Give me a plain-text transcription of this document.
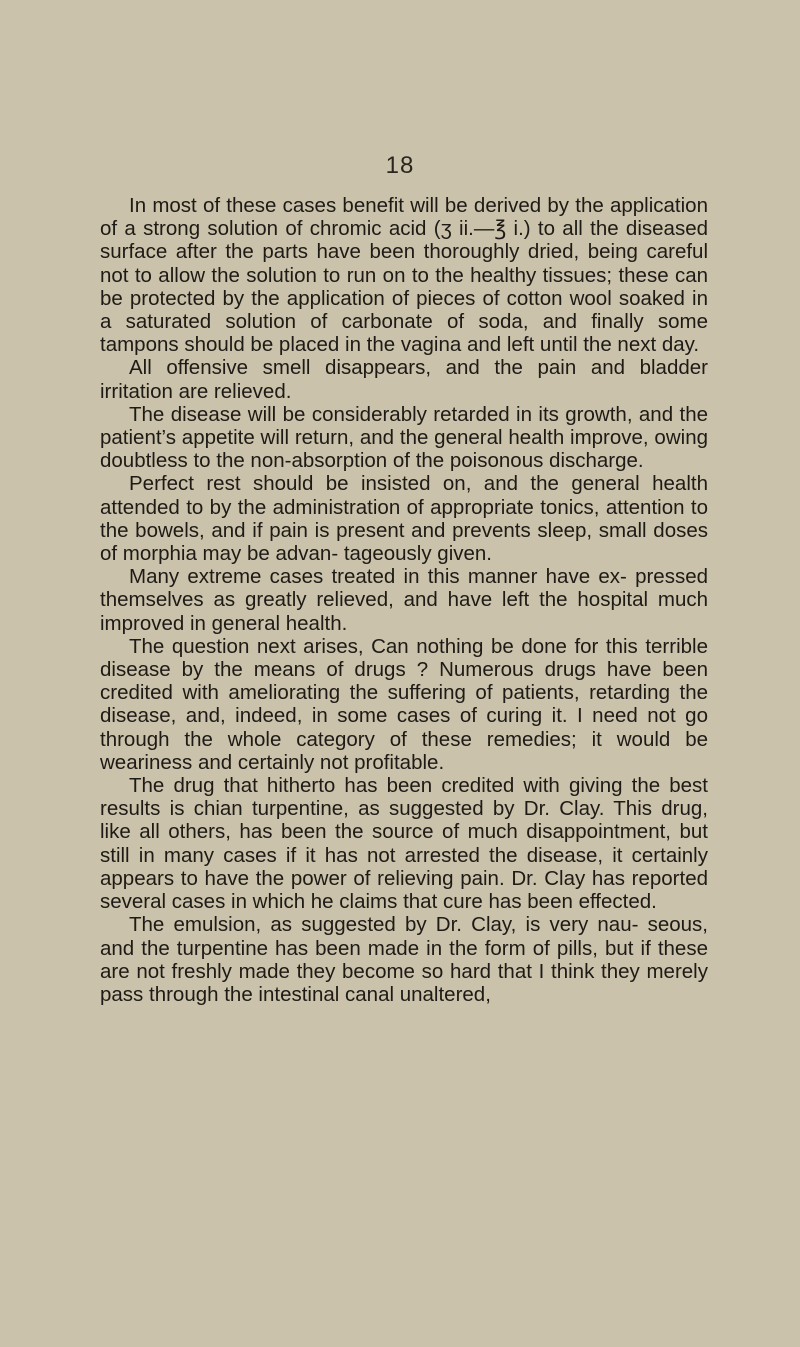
18

In most of these cases benefit will be derived by the application of a strong solution of chromic acid (ʒ ii.—℥ i.) to all the diseased surface after the parts have been thoroughly dried, being careful not to allow the solution to run on to the healthy tissues; these can be protected by the application of pieces of cotton wool soaked in a saturated solution of carbonate of soda, and finally some tampons should be placed in the vagina and left until the next day.

All offensive smell disappears, and the pain and bladder irritation are relieved.

The disease will be considerably retarded in its growth, and the patient’s appetite will return, and the general health improve, owing doubtless to the non-absorption of the poisonous discharge.

Perfect rest should be insisted on, and the general health attended to by the administration of appropriate tonics, attention to the bowels, and if pain is present and prevents sleep, small doses of morphia may be advan- tageously given.

Many extreme cases treated in this manner have ex- pressed themselves as greatly relieved, and have left the hospital much improved in general health.

The question next arises, Can nothing be done for this terrible disease by the means of drugs ? Numerous drugs have been credited with ameliorating the suffering of patients, retarding the disease, and, indeed, in some cases of curing it. I need not go through the whole category of these remedies; it would be weariness and certainly not profitable.

The drug that hitherto has been credited with giving the best results is chian turpentine, as suggested by Dr. Clay. This drug, like all others, has been the source of much disappointment, but still in many cases if it has not arrested the disease, it certainly appears to have the power of relieving pain. Dr. Clay has reported several cases in which he claims that cure has been effected.

The emulsion, as suggested by Dr. Clay, is very nau- seous, and the turpentine has been made in the form of pills, but if these are not freshly made they become so hard that I think they merely pass through the intestinal canal unaltered,
